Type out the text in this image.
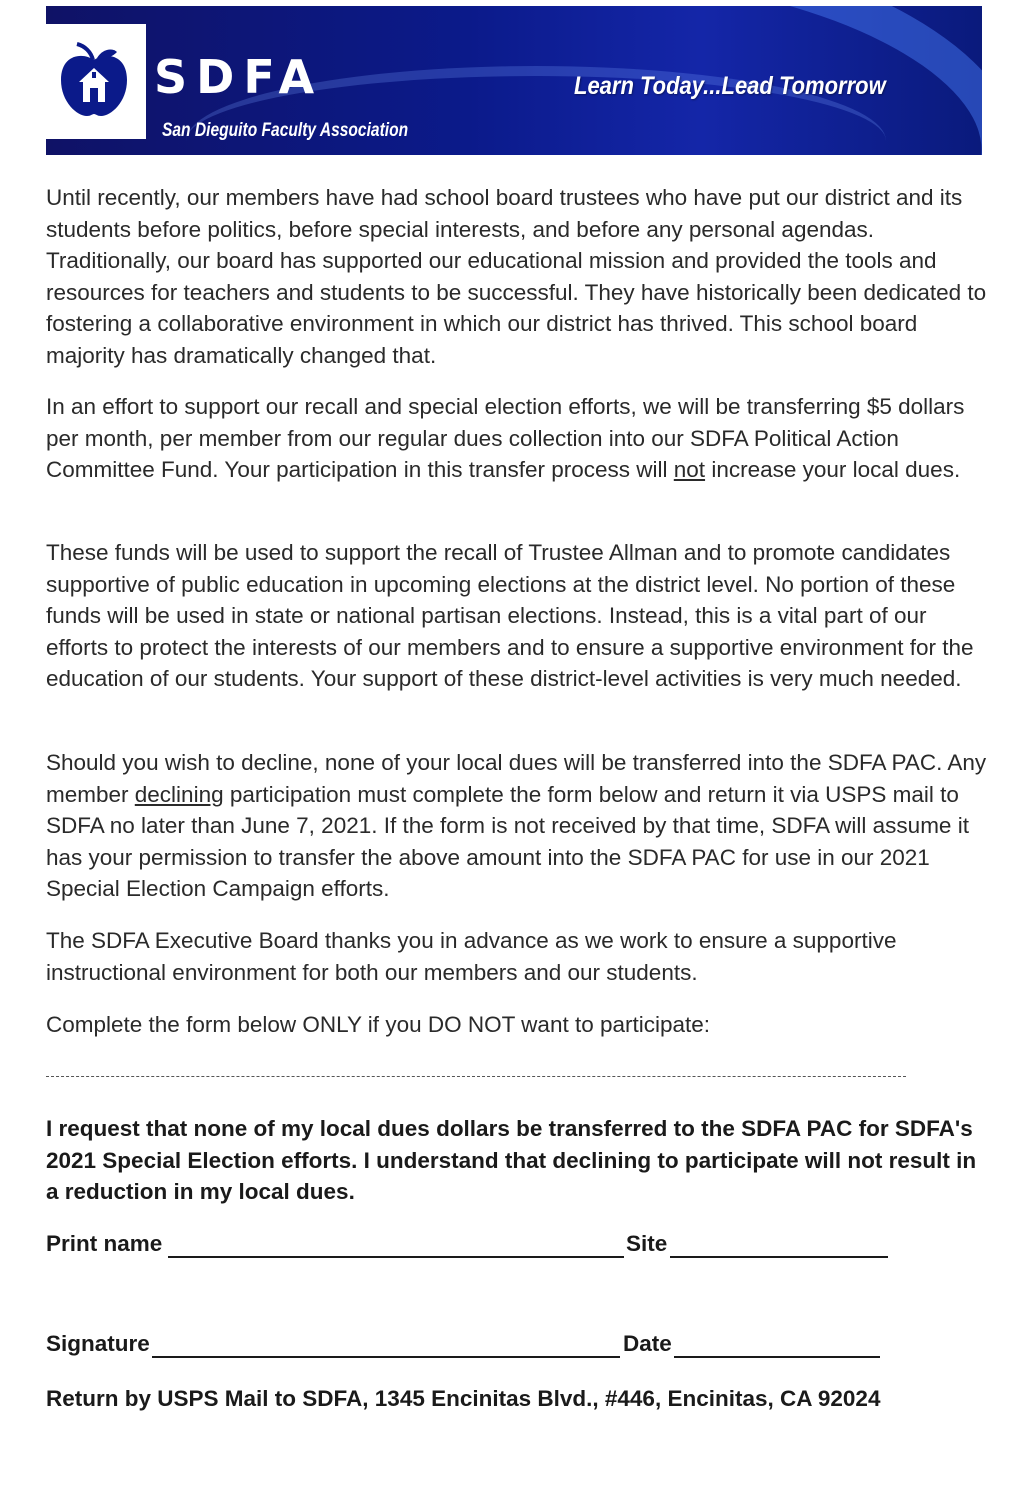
SDFA
San Dieguito Faculty Association
Learn Today...Lead Tomorrow

Until recently, our members have had school board trustees who have put our district and its students before politics, before special interests, and before any personal agendas. Traditionally, our board has supported our educational mission and provided the tools and resources for teachers and students to be successful. They have historically been dedicated to fostering a collaborative environment in which our district has thrived. This school board majority has dramatically changed that.

In an effort to support our recall and special election efforts, we will be transferring $5 dollars per month, per member from our regular dues collection into our SDFA Political Action Committee Fund. Your participation in this transfer process will not increase your local dues.

These funds will be used to support the recall of Trustee Allman and to promote candidates supportive of public education in upcoming elections at the district level. No portion of these funds will be used in state or national partisan elections. Instead, this is a vital part of our efforts to protect the interests of our members and to ensure a supportive environment for the education of our students. Your support of these district-level activities is very much needed.

Should you wish to decline, none of your local dues will be transferred into the SDFA PAC. Any member declining participation must complete the form below and return it via USPS mail to SDFA no later than June 7, 2021. If the form is not received by that time, SDFA will assume it has your permission to transfer the above amount into the SDFA PAC for use in our 2021 Special Election Campaign efforts.

The SDFA Executive Board thanks you in advance as we work to ensure a supportive instructional environment for both our members and our students.

Complete the form below ONLY if you DO NOT want to participate:

I request that none of my local dues dollars be transferred to the SDFA PAC for SDFA's 2021 Special Election efforts. I understand that declining to participate will not result in a reduction in my local dues.

Print name	Site
Signature	Date

Return by USPS Mail to SDFA, 1345 Encinitas Blvd., #446, Encinitas, CA 92024
